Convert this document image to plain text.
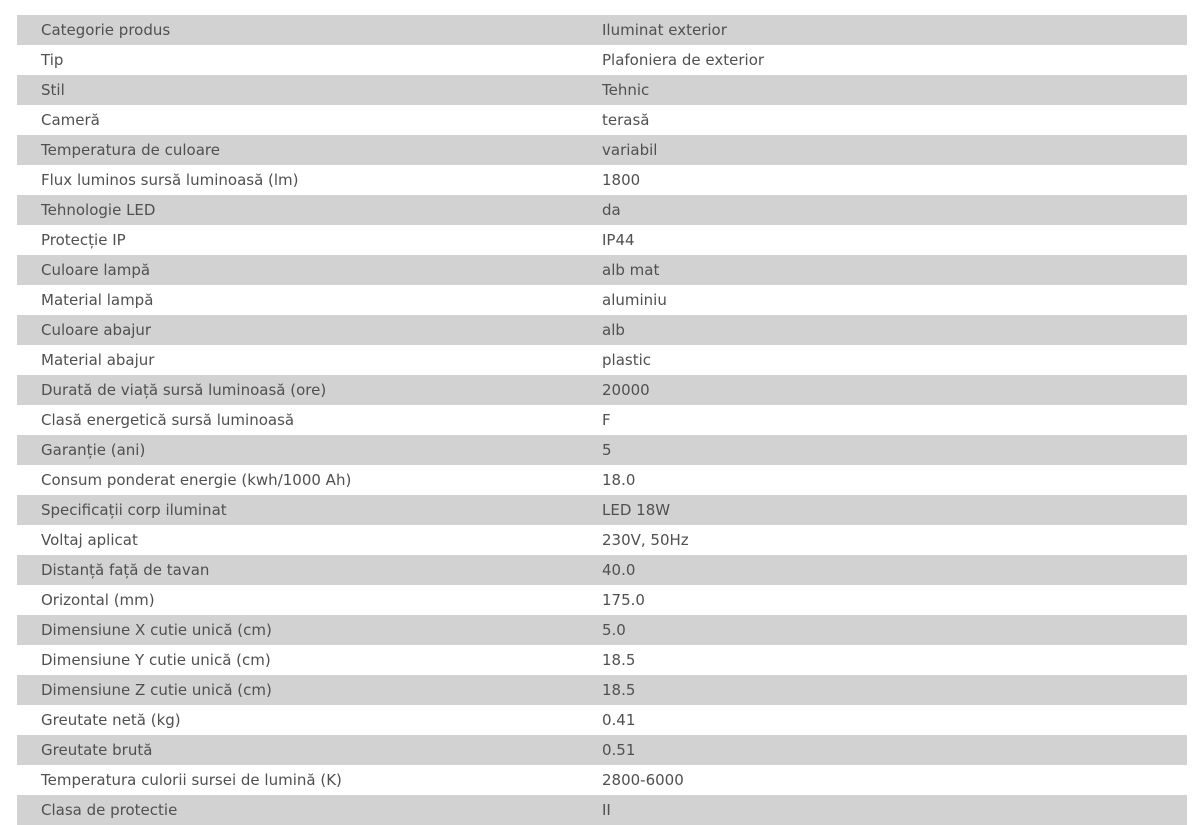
Categorie produs	Iluminat exterior
Tip	Plafoniera de exterior
Stil	Tehnic
Cameră	terasă
Temperatura de culoare	variabil
Flux luminos sursă luminoasă (lm)	1800
Tehnologie LED	da
Protecție IP	IP44
Culoare lampă	alb mat
Material lampă	aluminiu
Culoare abajur	alb
Material abajur	plastic
Durată de viață sursă luminoasă (ore)	20000
Clasă energetică sursă luminoasă	F
Garanție (ani)	5
Consum ponderat energie (kwh/1000 Ah)	18.0
Specificații corp iluminat	LED 18W
Voltaj aplicat	230V, 50Hz
Distanță față de tavan	40.0
Orizontal (mm)	175.0
Dimensiune X cutie unică (cm)	5.0
Dimensiune Y cutie unică (cm)	18.5
Dimensiune Z cutie unică (cm)	18.5
Greutate netă (kg)	0.41
Greutate brută	0.51
Temperatura culorii sursei de lumină (K)	2800-6000
Clasa de protectie	II
